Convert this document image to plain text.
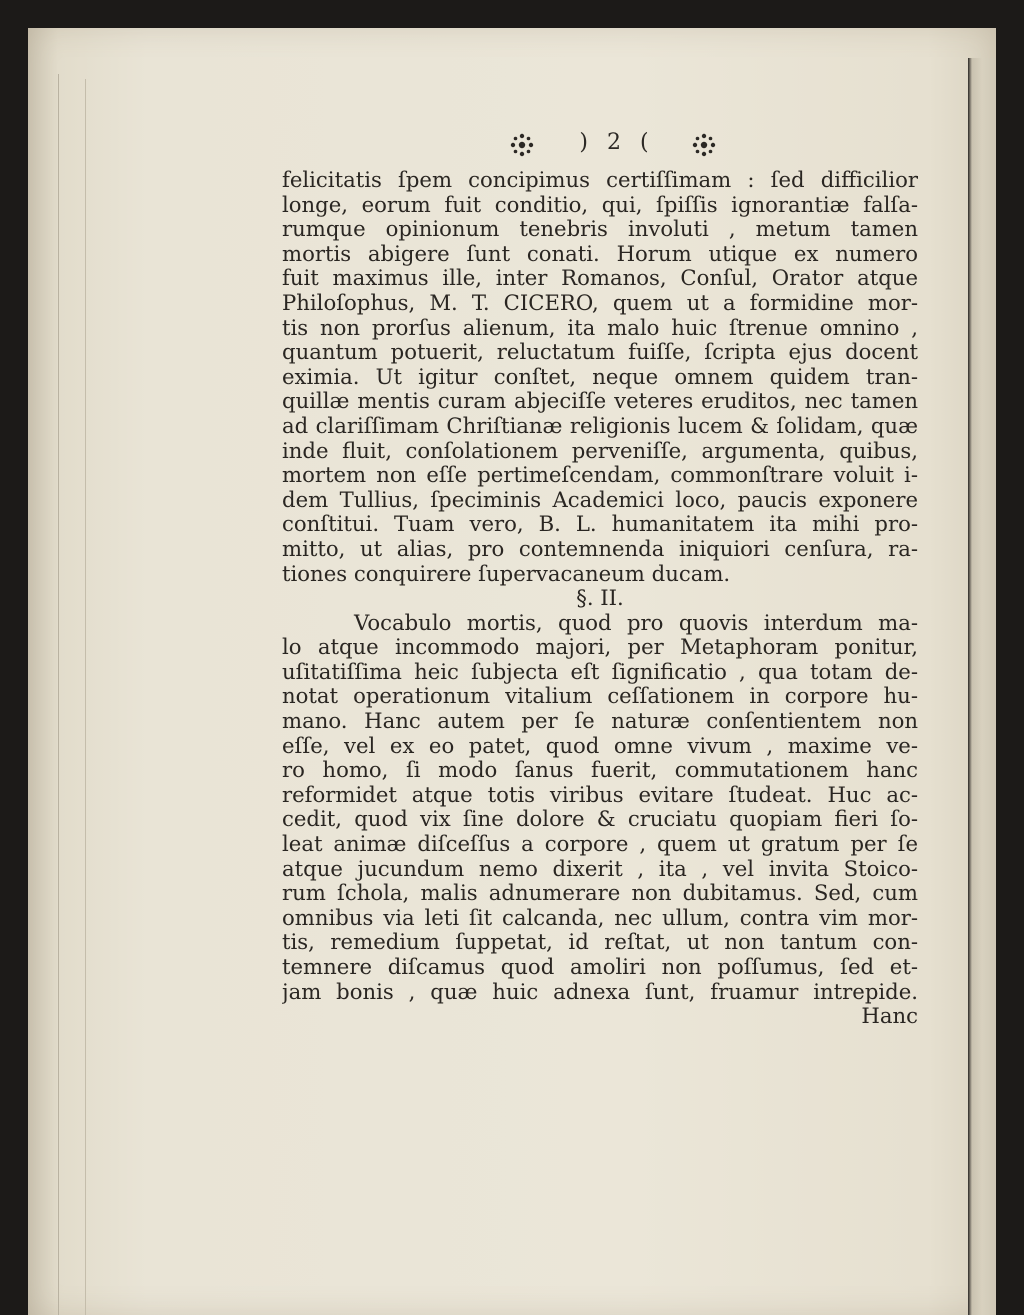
) 2 (
felicitatis ſpem concipimus certiſſimam : ſed difficilior
longe, eorum fuit conditio, qui, ſpiſſis ignorantiæ falſa-
rumque opinionum tenebris involuti , metum tamen
mortis abigere ſunt conati. Horum utique ex numero
fuit maximus ille, inter Romanos, Conſul, Orator atque
Philoſophus, M. T. CICERO, quem ut a formidine mor-
tis non prorſus alienum, ita malo huic ſtrenue omnino ,
quantum potuerit, reluctatum fuiſſe, ſcripta ejus docent
eximia. Ut igitur conſtet, neque omnem quidem tran-
quillæ mentis curam abjeciſſe veteres eruditos, nec tamen
ad clariſſimam Chriſtianæ religionis lucem & ſolidam, quæ
inde fluit, conſolationem perveniſſe, argumenta, quibus,
mortem non eſſe pertimeſcendam, commonſtrare voluit i-
dem Tullius, ſpeciminis Academici loco, paucis exponere
conſtitui. Tuam vero, B. L. humanitatem ita mihi pro-
mitto, ut alias, pro contemnenda iniquiori cenſura, ra-
tiones conquirere ſupervacaneum ducam.
§. II.
Vocabulo mortis, quod pro quovis interdum ma-
lo atque incommodo majori, per Metaphoram ponitur,
uſitatiſſima heic ſubjecta eſt ſignificatio , qua totam de-
notat operationum vitalium ceſſationem in corpore hu-
mano. Hanc autem per ſe naturæ conſentientem non
eſſe, vel ex eo patet, quod omne vivum , maxime ve-
ro homo, ſi modo ſanus fuerit, commutationem hanc
reformidet atque totis viribus evitare ſtudeat. Huc ac-
cedit, quod vix ſine dolore & cruciatu quopiam fieri ſo-
leat animæ diſceſſus a corpore , quem ut gratum per ſe
atque jucundum nemo dixerit , ita , vel invita Stoico-
rum ſchola, malis adnumerare non dubitamus. Sed, cum
omnibus via leti ſit calcanda, nec ullum, contra vim mor-
tis, remedium ſuppetat, id reſtat, ut non tantum con-
temnere diſcamus quod amoliri non poſſumus, ſed et-
jam bonis , quæ huic adnexa ſunt, fruamur intrepide.
Hanc
